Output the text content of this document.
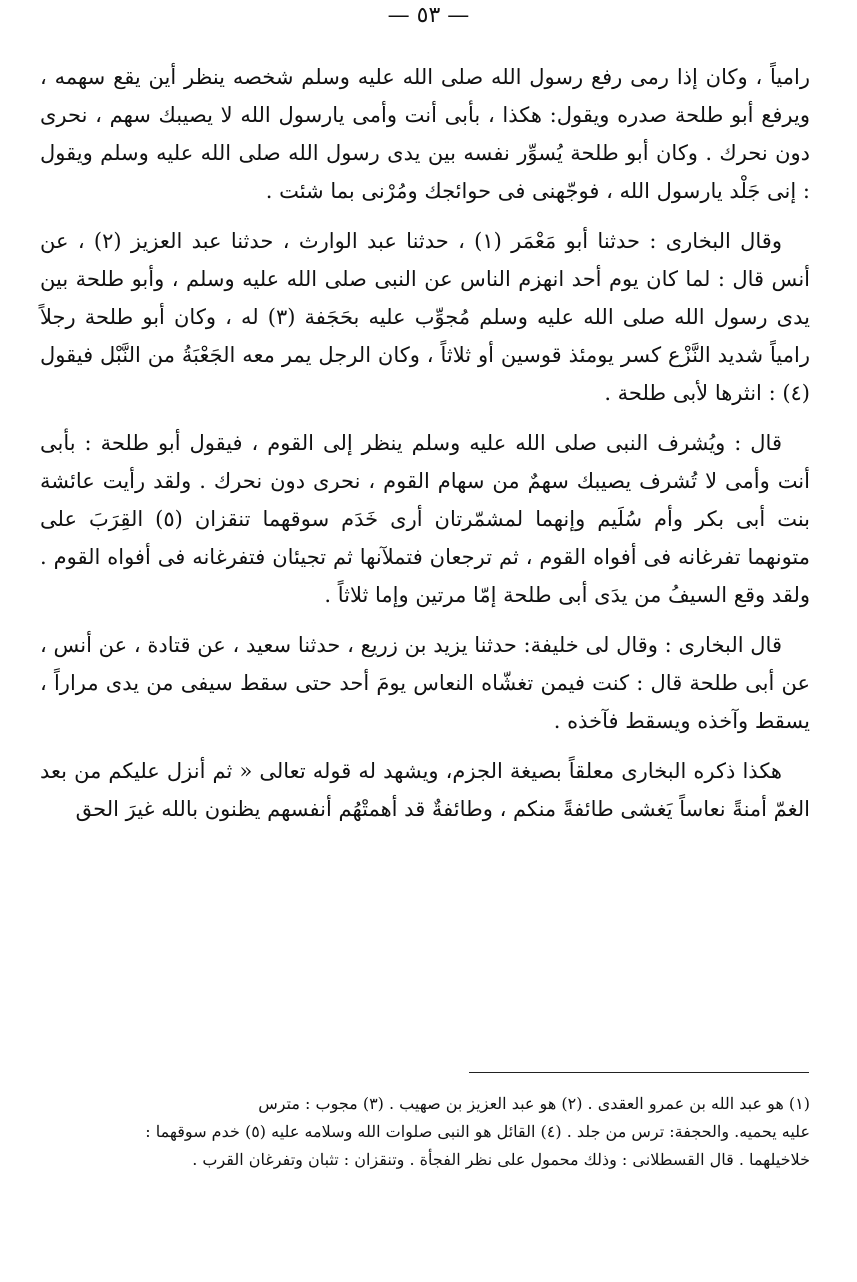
— ٥٣ —

رامياً ، وكان إذا رمى رفع رسول الله صلى الله عليه وسلم شخصه ينظر أين يقع سهمه ، ويرفع أبو طلحة صدره ويقول: هكذا ، بأبى أنت وأمى يارسول الله لا يصيبك سهم ، نحرى دون نحرك . وكان أبو طلحة يُسوِّر نفسه بين يدى رسول الله صلى الله عليه وسلم ويقول : إنى جَلْد يارسول الله ، فوجّهنى فى حوائجك ومُرْنى بما شئت .

وقال البخارى : حدثنا أبو مَعْمَر (١) ، حدثنا عبد الوارث ، حدثنا عبد العزيز (٢) ، عن أنس قال : لما كان يوم أحد انهزم الناس عن النبى صلى الله عليه وسلم ، وأبو طلحة بين يدى رسول الله صلى الله عليه وسلم مُجوِّب عليه بحَجَفة (٣) له ، وكان أبو طلحة رجلاً رامياً شديد النَّزْع كسر يومئذ قوسين أو ثلاثاً ، وكان الرجل يمر معه الجَعْبَةُ من النَّبْل فيقول (٤) : انثرها لأبى طلحة .

قال : ويُشرف النبى صلى الله عليه وسلم ينظر إلى القوم ، فيقول أبو طلحة : بأبى أنت وأمى لا تُشرف يصيبك سهمٌ من سهام القوم ، نحرى دون نحرك . ولقد رأيت عائشة بنت أبى بكر وأم سُلَيم وإنهما لمشمّرتان أرى خَدَم سوقهما تنقزان (٥) القِرَبَ على متونهما تفرغانه فى أفواه القوم ، ثم ترجعان فتملآنها ثم تجيئان فتفرغانه فى أفواه القوم . ولقد وقع السيفُ من يدَى أبى طلحة إمّا مرتين وإما ثلاثاً .

قال البخارى : وقال لى خليفة: حدثنا يزيد بن زريع ، حدثنا سعيد ، عن قتادة ، عن أنس ، عن أبى طلحة قال : كنت فيمن تغشّاه النعاس يومَ أحد حتى سقط سيفى من يدى مراراً ، يسقط وآخذه ويسقط فآخذه .

هكذا ذكره البخارى معلقاً بصيغة الجزم، ويشهد له قوله تعالى « ثم أنزل عليكم من بعد الغمّ أمنةً نعاساً يَغشى طائفةً منكم ، وطائفةٌ قد أهمتْهُم أنفسهم يظنون بالله غيرَ الحق

(١) هو عبد الله بن عمرو العقدى . (٢) هو عبد العزيز بن صهيب . (٣) مجوب : مترس

عليه يحميه. والحجفة: ترس من جلد . (٤) القائل هو النبى صلوات الله وسلامه عليه (٥) خدم سوقهما :

خلاخيلهما . قال القسطلانى : وذلك محمول على نظر الفجأة . وتنقزان : تثبان وتفرغان القرب .
